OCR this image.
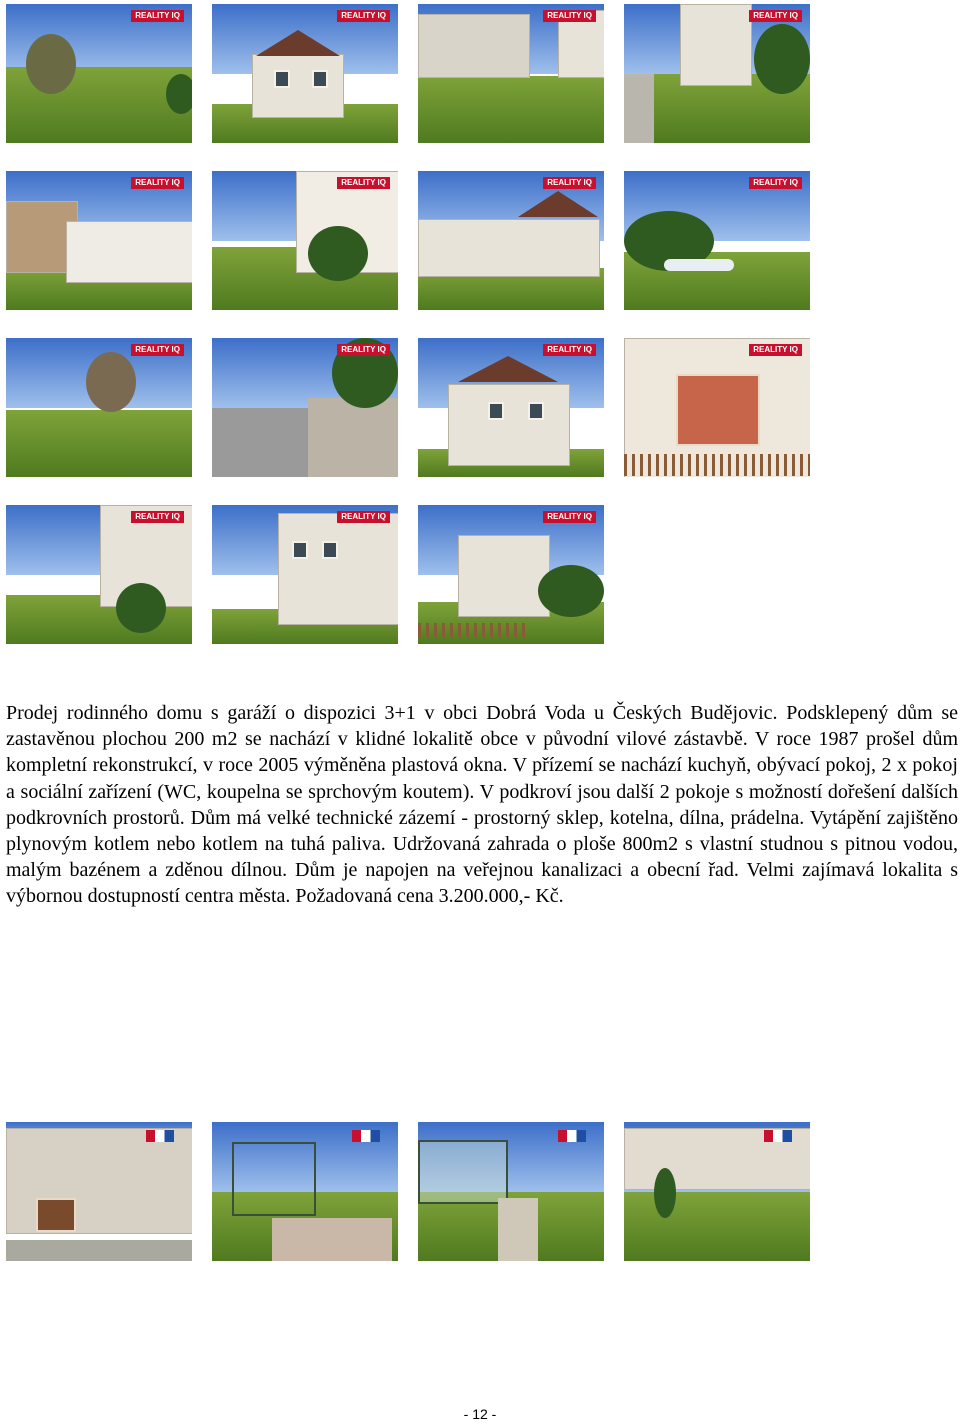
REALITY IQ	REALITY IQ	REALITY IQ	REALITY IQ
REALITY IQ	REALITY IQ	REALITY IQ	REALITY IQ
REALITY IQ	REALITY IQ	REALITY IQ	REALITY IQ
REALITY IQ	REALITY IQ	REALITY IQ

Prodej rodinného domu s garáží o dispozici 3+1 v obci Dobrá Voda u Českých Budějovic. Podsklepený dům se zastavěnou plochou 200 m2 se nachází v klidné lokalitě obce v původní vilové zástavbě. V roce 1987 prošel dům kompletní rekonstrukcí, v roce 2005 výměněna plastová okna. V přízemí se nachází kuchyň, obývací pokoj, 2 x pokoj a sociální zařízení (WC, koupelna se sprchovým koutem). V podkroví jsou další 2 pokoje s možností dořešení dalších podkrovních prostorů. Dům má velké technické zázemí - prostorný sklep, kotelna, dílna, prádelna. Vytápění zajištěno plynovým kotlem nebo kotlem na tuhá paliva. Udržovaná zahrada o ploše 800m2 s vlastní studnou s pitnou vodou, malým bazénem a zděnou dílnou. Dům je napojen na veřejnou kanalizaci a obecní řad. Velmi zajímavá lokalita s výbornou dostupností centra města. Požadovaná cena 3.200.000,- Kč.

- 12 -
